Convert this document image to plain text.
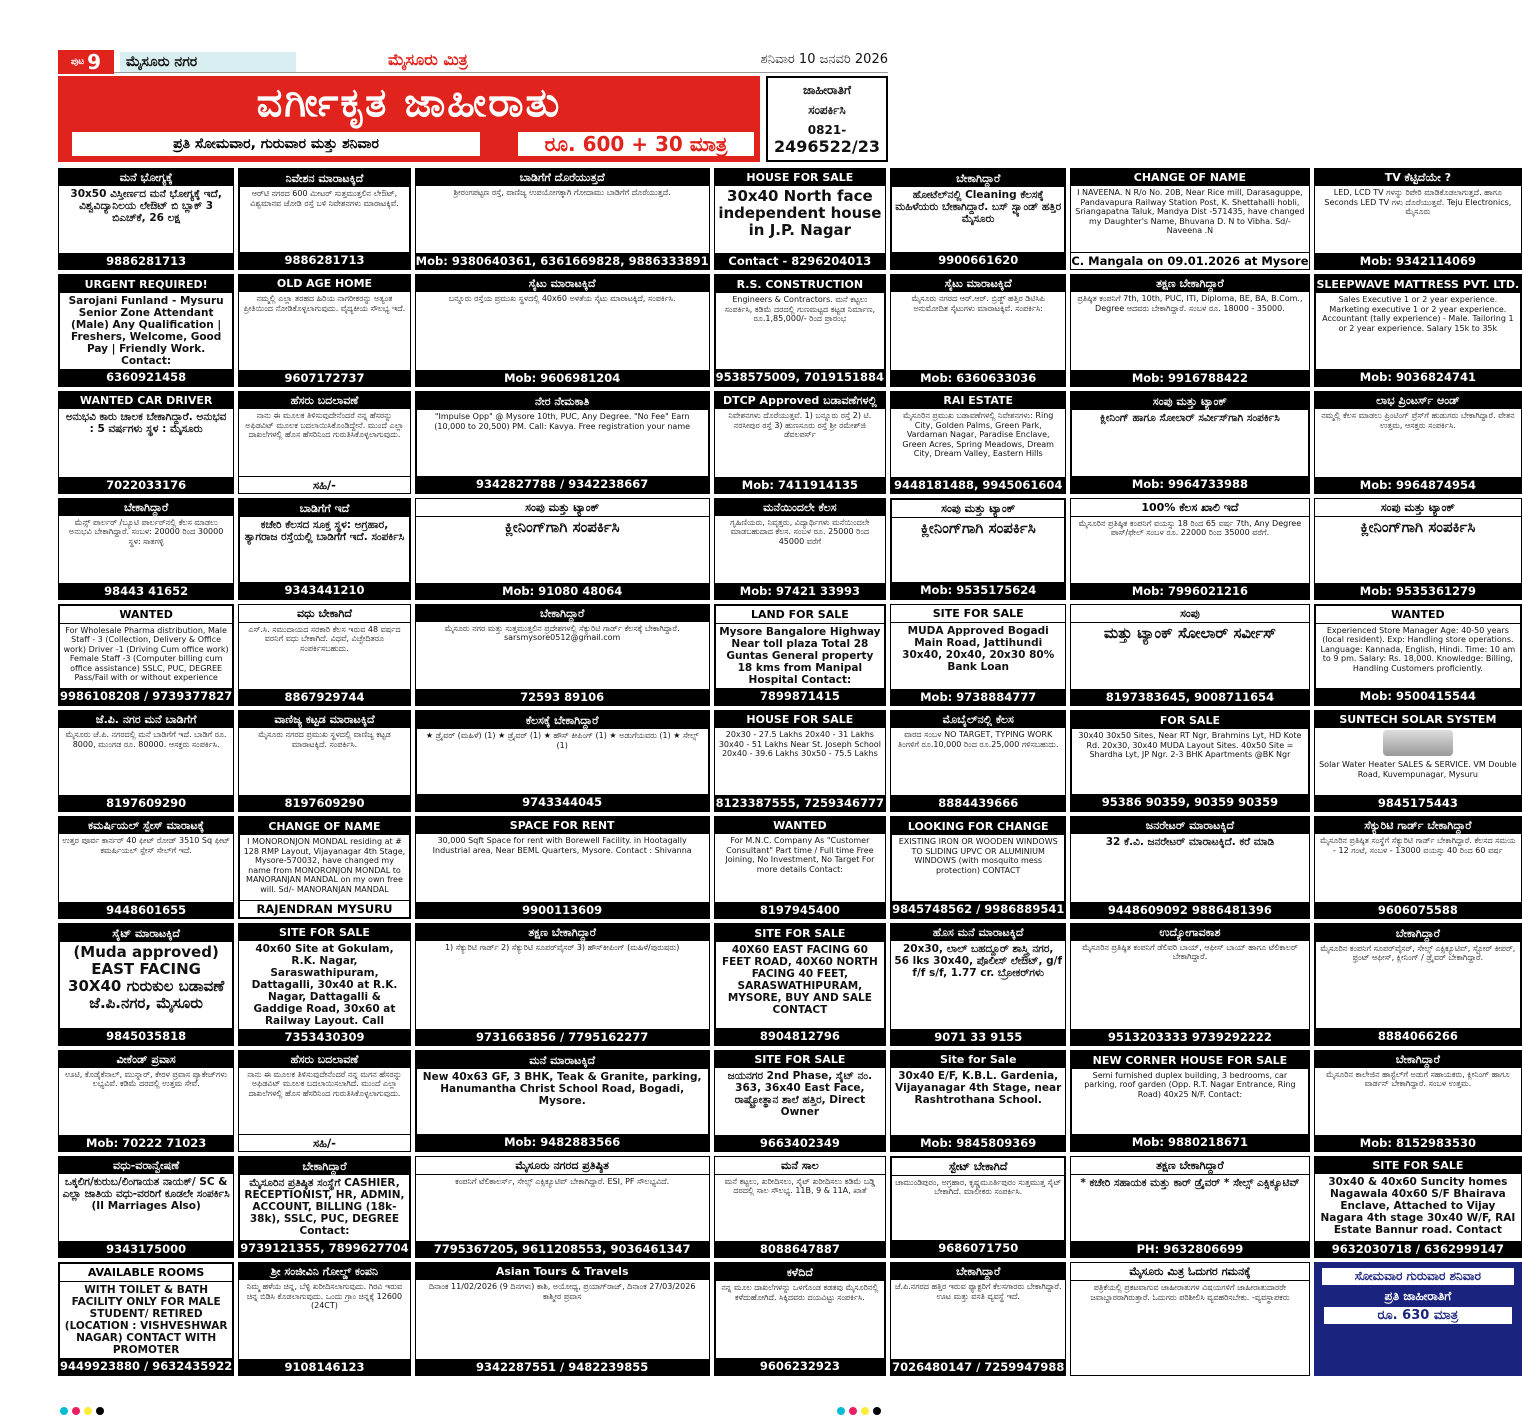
ಪುಟ 9	ಮೈಸೂರು ನಗರ	ಮೈಸೂರು ಮಿತ್ರ	ಶನಿವಾರ 10 ಜನವರಿ 2026
ವರ್ಗೀಕೃತ ಜಾಹೀರಾತು
ಪ್ರತಿ ಸೋಮವಾರ, ಗುರುವಾರ ಮತ್ತು ಶನಿವಾರ	ರೂ. 600 + 30 ಮಾತ್ರ
ಜಾಹೀರಾತಿಗೆ
ಸಂಪರ್ಕಿಸಿ
0821-
2496522/23
ಮನೆ ಭೋಗ್ಯಕ್ಕೆ
30x50 ವಿಸ್ತೀರ್ಣದ ಮನೆ ಭೋಗ್ಯಕ್ಕೆ ಇದೆ, ವಿಶ್ವವಿದ್ಯಾನಿಲಯ ಲೇಔಟ್ ಬಿ ಬ್ಲಾಕ್ 3 ಬಿಎಚ್‌ಕೆ, 26 ಲಕ್ಷ
9886281713
ನಿವೇಶನ ಮಾರಾಟಕ್ಕಿದೆ
ಆರ್‌ಟಿ ನಗರದ 600 ಮೀಟರ್ ಸುತ್ತಮುತ್ತಲಿನ ಲೇಔಟ್, ವಿಶ್ವಮಾನವ ಜೋಡಿ ರಸ್ತೆ ಬಳಿ ನಿವೇಶನಗಳು ಮಾರಾಟಕ್ಕಿವೆ.
9886281713
ಬಾಡಿಗೆಗೆ ದೊರೆಯುತ್ತದೆ
ಶ್ರೀರಂಗಪಟ್ಟಣ ರಸ್ತೆ, ವಾಣಿಜ್ಯ ಉಪಯೋಗಕ್ಕಾಗಿ ಗೋದಾಮು ಬಾಡಿಗೆಗೆ ದೊರೆಯುತ್ತದೆ.
Mob: 9380640361, 6361669828, 9886333891
HOUSE FOR SALE
30x40 North face independent house in J.P. Nagar
Contact - 8296204013
ಬೇಕಾಗಿದ್ದಾರೆ
ಹೋಟೆಲ್‌ನಲ್ಲಿ Cleaning ಕೆಲಸಕ್ಕೆ ಮಹಿಳೆಯರು ಬೇಕಾಗಿದ್ದಾರೆ. ಬಸ್ ಸ್ಟ್ಯಾಂಡ್ ಹತ್ತಿರ ಮೈಸೂರು
9900661620
CHANGE OF NAME
I NAVEENA. N R/o No. 20B, Near Rice mill, Darasaguppe, Pandavapura Railway Station Post, K. Shettahalli hobli, Sriangapatna Taluk, Mandya Dist -571435, have changed my Daughter's Name, Bhuvana D. N to Vibha. Sd/- Naveena .N
C. Mangala on 09.01.2026 at Mysore
TV ಕೆಟ್ಟಿದೆಯೇ ?
LED, LCD TV ಗಳನ್ನು ರಿಪೇರಿ ಮಾಡಿಕೊಡಲಾಗುತ್ತದೆ. ಹಾಗೂ Seconds LED TV ಗಳು ದೊರೆಯುತ್ತವೆ. Teju Electronics, ಮೈಸೂರು
Mob: 9342114069
URGENT REQUIRED!
Sarojani Funland - Mysuru Senior Zone Attendant (Male) Any Qualification | Freshers, Welcome, Good Pay | Friendly Work. Contact:
6360921458
OLD AGE HOME
ನಮ್ಮಲ್ಲಿ ಎಲ್ಲಾ ತರಹದ ಹಿರಿಯ ನಾಗರೀಕರನ್ನು ಅತ್ಯಂತ ಪ್ರೀತಿಯಿಂದ ನೋಡಿಕೊಳ್ಳಲಾಗುವುದು. ವೈದ್ಯಕೀಯ ಸೌಲಭ್ಯ ಇದೆ.
9607172737
ಸೈಟು ಮಾರಾಟಕ್ಕಿದೆ
ಬನ್ನೂರು ರಸ್ತೆಯ ಪ್ರಮುಖ ಸ್ಥಳದಲ್ಲಿ 40x60 ಅಳತೆಯ ಸೈಟು ಮಾರಾಟಕ್ಕಿದೆ, ಸಂಪರ್ಕಿಸಿ.
Mob: 9606981204
R.S. CONSTRUCTION
Engineers & Contractors. ಮನೆ ಕಟ್ಟಲು ಸಂಪರ್ಕಿಸಿ, ಕಡಿಮೆ ದರದಲ್ಲಿ ಗುಣಮಟ್ಟದ ಕಟ್ಟಡ ನಿರ್ಮಾಣ, ರೂ.1,85,000/- ರಿಂದ ಪ್ರಾರಂಭ
9538575009, 7019151884
ಸೈಟು ಮಾರಾಟಕ್ಕಿದೆ
ಮೈಸೂರು ನಗರದ ಆರ್.ಆರ್. ಬ್ರಿಡ್ಜ್ ಹತ್ತಿರ ಡಿಟಿಸಿಪಿ ಅನುಮೋದಿತ ಸೈಟುಗಳು ಮಾರಾಟಕ್ಕಿವೆ. ಸಂಪರ್ಕಿಸಿ:
Mob: 6360633036
ತಕ್ಷಣ ಬೇಕಾಗಿದ್ದಾರೆ
ಪ್ರತಿಷ್ಠಿತ ಕಂಪನಿಗೆ 7th, 10th, PUC, ITI, Diploma, BE, BA, B.Com., Degree ಆದವರು ಬೇಕಾಗಿದ್ದಾರೆ. ಸಂಬಳ ರೂ. 18000 - 35000.
Mob: 9916788422
SLEEPWAVE MATTRESS PVT. LTD.
Sales Executive 1 or 2 year experience. Marketing executive 1 or 2 year experience. Accountant (tally experience) - Male. Tailoring 1 or 2 year experience. Salary 15k to 35k
Mob: 9036824741
WANTED CAR DRIVER
ಅನುಭವಿ ಕಾರು ಚಾಲಕ ಬೇಕಾಗಿದ್ದಾರೆ. ಅನುಭವ : 5 ವರ್ಷಗಳು ಸ್ಥಳ : ಮೈಸೂರು
7022033176
ಹೆಸರು ಬದಲಾವಣೆ
ನಾನು ಈ ಮೂಲಕ ತಿಳಿಸುವುದೇನೆಂದರೆ ನನ್ನ ಹೆಸರನ್ನು ಅಫಿಡವಿಟ್ ಮೂಲಕ ಬದಲಾಯಿಸಿಕೊಂಡಿದ್ದೇನೆ. ಮುಂದೆ ಎಲ್ಲಾ ದಾಖಲೆಗಳಲ್ಲಿ ಹೊಸ ಹೆಸರಿನಿಂದ ಗುರುತಿಸಿಕೊಳ್ಳಲಾಗುವುದು.
ಸಹಿ/-
ನೇರ ನೇಮಕಾತಿ
"Impulse Opp" @ Mysore 10th, PUC, Any Degree. "No Fee" Earn (10,000 to 20,500) PM. Call: Kavya. Free registration your name
9342827788 / 9342238667
DTCP Approved ಬಡಾವಣೆಗಳಲ್ಲಿ
ನಿವೇಶನಗಳು ದೊರೆಯುತ್ತವೆ. 1) ಬನ್ನೂರು ರಸ್ತೆ 2) ಟಿ. ನರಸೀಪುರ ರಸ್ತೆ 3) ಹುಣಸೂರು ರಸ್ತೆ ಶ್ರೀ ರಮೇಶ್‌ಜಿ ಡೆವಲಪರ್ಸ್
Mob: 7411914135
RAI ESTATE
ಮೈಸೂರಿನ ಪ್ರಮುಖ ಬಡಾವಣೆಗಳಲ್ಲಿ ನಿವೇಶನಗಳು: Ring City, Golden Palms, Green Park, Vardaman Nagar, Paradise Enclave, Green Acres, Spring Meadows, Dream City, Dream Valley, Eastern Hills
9448181488, 9945061604
ಸಂಪು ಮತ್ತು ಟ್ಯಾಂಕ್
ಕ್ಲೀನಿಂಗ್ ಹಾಗೂ ಸೋಲಾರ್ ಸರ್ವೀಸ್‌ಗಾಗಿ ಸಂಪರ್ಕಿಸಿ
Mob: 9964733988
ಲಾಭ ಪ್ರಿಂಟರ್ಸ್ ಆಂಡ್
ನಮ್ಮಲ್ಲಿ ಕೆಲಸ ಮಾಡಲು ಪ್ರಿಂಟಿಂಗ್ ಪ್ರೆಸ್‌ಗೆ ಹುಡುಗರು ಬೇಕಾಗಿದ್ದಾರೆ. ವೇತನ ಉತ್ತಮ, ಆಸಕ್ತರು ಸಂಪರ್ಕಿಸಿ.
Mob: 9964874954
ಬೇಕಾಗಿದ್ದಾರೆ
ಮೆನ್ಸ್ ಪಾರ್ಲರ್ /ಬ್ಯೂಟಿ ಪಾರ್ಲರ್‌ನಲ್ಲಿ ಕೆಲಸ ಮಾಡಲು ಅನುಭವಿ ಬೇಕಾಗಿದ್ದಾರೆ. ಸಂಬಳ: 20000 ರಿಂದ 30000 ಸ್ಥಳ: ಸಾತಗಳ್ಳಿ
98443 41652
ಬಾಡಿಗೆಗೆ ಇದೆ
ಕಚೇರಿ ಕೆಲಸದ ಸೂಕ್ತ ಸ್ಥಳ: ಅಗ್ರಹಾರ, ತ್ಯಾಗರಾಜ ರಸ್ತೆಯಲ್ಲಿ ಬಾಡಿಗೆಗೆ ಇದೆ. ಸಂಪರ್ಕಿಸಿ
9343441210
ಸಂಪು ಮತ್ತು ಟ್ಯಾಂಕ್
ಕ್ಲೀನಿಂಗ್‌ಗಾಗಿ ಸಂಪರ್ಕಿಸಿ
Mob: 91080 48064
ಮನೆಯಿಂದಲೇ ಕೆಲಸ
ಗೃಹಿಣಿಯರು, ನಿವೃತ್ತರು, ವಿದ್ಯಾರ್ಥಿಗಳು ಮನೆಯಿಂದಲೇ ಮಾಡಬಹುದಾದ ಕೆಲಸ. ಸಂಬಳ ರೂ. 25000 ರಿಂದ 45000 ವರೆಗೆ
Mob: 97421 33993
ಸಂಪು ಮತ್ತು ಟ್ಯಾಂಕ್
ಕ್ಲೀನಿಂಗ್‌ಗಾಗಿ ಸಂಪರ್ಕಿಸಿ
Mob: 9535175624
100% ಕೆಲಸ ಖಾಲಿ ಇದೆ
ಮೈಸೂರಿನ ಪ್ರತಿಷ್ಠಿತ ಕಂಪನಿಗೆ ವಯಸ್ಸು 18 ರಿಂದ 65 ವರ್ಷ 7th, Any Degree ಪಾಸ್/ಫೇಲ್ ಸಂಬಳ ರೂ. 22000 ರಿಂದ 35000 ವರೆಗೆ.
Mob: 7996021216
ಸಂಪು ಮತ್ತು ಟ್ಯಾಂಕ್
ಕ್ಲೀನಿಂಗ್‌ಗಾಗಿ ಸಂಪರ್ಕಿಸಿ
Mob: 9535361279
WANTED
For Wholesale Pharma distribution, Male Staff - 3 (Collection, Delivery & Office work) Driver -1 (Driving Cum office work) Female Staff -3 (Computer billing cum office assistance) SSLC, PUC, DEGREE Pass/Fail with or without experience
9986108208 / 9739377827
ವಧು ಬೇಕಾಗಿದೆ
ಎಸ್.ಸಿ. ಸಮುದಾಯದ ಸರಕಾರಿ ಕೆಲಸ ಇರುವ 48 ವರ್ಷದ ವರನಿಗೆ ವಧು ಬೇಕಾಗಿದೆ. ವಿಧವೆ, ವಿಚ್ಛೇದಿತರೂ ಸಂಪರ್ಕಿಸಬಹುದು.
8867929744
ಬೇಕಾಗಿದ್ದಾರೆ
ಮೈಸೂರು ನಗರ ಮತ್ತು ಸುತ್ತಮುತ್ತಲಿನ ಪ್ರದೇಶಗಳಲ್ಲಿ ಸೆಕ್ಯುರಿಟಿ ಗಾರ್ಡ್ ಕೆಲಸಕ್ಕೆ ಬೇಕಾಗಿದ್ದಾರೆ. sarsmysore0512@gmail.com
72593 89106
LAND FOR SALE
Mysore Bangalore Highway Near toll plaza Total 28 Guntas General property 18 kms from Manipal Hospital Contact:
7899871415
SITE FOR SALE
MUDA Approved Bogadi Main Road, Jattihundi 30x40, 20x40, 20x30 80% Bank Loan
Mob: 9738884777
ಸಂಪು
ಮತ್ತು ಟ್ಯಾಂಕ್ ಸೋಲಾರ್ ಸರ್ವೀಸ್
8197383645, 9008711654
WANTED
Experienced Store Manager Age: 40-50 years (local resident). Exp: Handling store operations. Language: Kannada, English, Hindi. Time: 10 am to 9 pm. Salary: Rs. 18,000. Knowledge: Billing, Handling Customers proficiently.
Mob: 9500415544
ಜೆ.ಪಿ. ನಗರ ಮನೆ ಬಾಡಿಗೆಗೆ
ಮೈಸೂರು ಜೆ.ಪಿ. ನಗರದಲ್ಲಿ ಮನೆ ಬಾಡಿಗೆಗೆ ಇದೆ. ಬಾಡಿಗೆ ರೂ. 8000, ಮುಂಗಡ ರೂ. 80000. ಆಸಕ್ತರು ಸಂಪರ್ಕಿಸಿ.
8197609290
ವಾಣಿಜ್ಯ ಕಟ್ಟಡ ಮಾರಾಟಕ್ಕಿದೆ
ಮೈಸೂರು ನಗರದ ಪ್ರಮುಖ ಸ್ಥಳದಲ್ಲಿ ವಾಣಿಜ್ಯ ಕಟ್ಟಡ ಮಾರಾಟಕ್ಕಿದೆ. ಸಂಪರ್ಕಿಸಿ.
8197609290
ಕೆಲಸಕ್ಕೆ ಬೇಕಾಗಿದ್ದಾರೆ
★ ಡ್ರೈವರ್ (ಮಹಿಳೆ) (1) ★ ಡ್ರೈವರ್ (1) ★ ಹೌಸ್ ಕೀಪಿಂಗ್ (1) ★ ಅಡುಗೆಯವರು (1) ★ ಸೇಲ್ಸ್ (1)
9743344045
HOUSE FOR SALE
20x30 - 27.5 Lakhs 20x40 - 31 Lakhs 30x40 - 51 Lakhs Near St. Joseph School 20x40 - 39.6 Lakhs 30x50 - 75.5 Lakhs
8123387555, 7259346777
ಮೊಬೈಲ್‌ನಲ್ಲಿ ಕೆಲಸ
ವಾರದ ಸಂಬಳ NO TARGET, TYPING WORK ತಿಂಗಳಿಗೆ ರೂ.10,000 ರಿಂದ ರೂ.25,000 ಗಳಿಸಬಹುದು.
8884439666
FOR SALE
30x40 30x50 Sites, Near RT Ngr, Brahmins Lyt, HD Kote Rd. 20x30, 30x40 MUDA Layout Sites. 40x50 Site = Shardha Lyt, JP Ngr. 2-3 BHK Apartments @BK Ngr
95386 90359, 90359 90359
SUNTECH SOLAR SYSTEM
Solar Water Heater SALES & SERVICE. VM Double Road, Kuvempunagar, Mysuru
9845175443
ಕಮರ್ಷಿಯಲ್ ಸ್ಪೇಸ್ ಮಾರಾಟಕ್ಕೆ
ಉತ್ತರ ಪೂರ್ವ ಕಾರ್ನರ್ 40 ಫೀಟ್ ರೋಡ್ 3510 Sq ಫೀಟ್ ಕಮರ್ಷಿಯಲ್ ಸ್ಪೇಸ್ ಸೇಲ್‌ಗೆ ಇದೆ.
9448601655
CHANGE OF NAME
I MONORONJON MONDAL residing at # 128 RMP Layout, Vijayanagar 4th Stage, Mysore-570032, have changed my name from MONORONJON MONDAL to MANORANJAN MANDAL on my own free will. Sd/- MANORANJAN MANDAL
RAJENDRAN MYSURU
SPACE FOR RENT
30,000 Sqft Space for rent with Borewell Facility. in Hootagally Industrial area, Near BEML Quarters, Mysore. Contact : Shivanna
9900113609
WANTED
For M.N.C. Company As "Customer Consultant" Part time / Full time Free Joining, No Investment, No Target For more details Contact:
8197945400
LOOKING FOR CHANGE
EXISTING IRON OR WOODEN WINDOWS TO SLIDING UPVC OR ALUMINIUM WINDOWS (with mosquito mess protection) CONTACT
9845748562 / 9986889541
ಜನರೇಟರ್ ಮಾರಾಟಕ್ಕಿದೆ
32 ಕೆ.ವಿ. ಜನರೇಟರ್ ಮಾರಾಟಕ್ಕಿದೆ. ಕರೆ ಮಾಡಿ
9448609092 9886481396
ಸೆಕ್ಯುರಿಟಿ ಗಾರ್ಡ್ ಬೇಕಾಗಿದ್ದಾರೆ
ಮೈಸೂರಿನ ಪ್ರತಿಷ್ಠಿತ ಸಂಸ್ಥೆಗೆ ಸೆಕ್ಯುರಿಟಿ ಗಾರ್ಡ್ ಬೇಕಾಗಿದ್ದಾರೆ. ಕೆಲಸದ ಸಮಯ - 12 ಗಂಟೆ, ಸಂಬಳ - 13000 ವಯಸ್ಸು 40 ರಿಂದ 60 ವರ್ಷ
9606075588
ಸೈಟ್ ಮಾರಾಟಕ್ಕಿದೆ
(Muda approved) EAST FACING 30X40 ಗುರುಕುಲ ಬಡಾವಣೆ ಜೆ.ಪಿ.ನಗರ, ಮೈಸೂರು
9845035818
SITE FOR SALE
40x60 Site at Gokulam, R.K. Nagar, Saraswathipuram, Dattagalli, 30x40 at R.K. Nagar, Dattagalli & Gaddige Road, 30x60 at Railway Layout. Call
7353430309
ತಕ್ಷಣ ಬೇಕಾಗಿದ್ದಾರೆ
1) ಸೆಕ್ಯುರಿಟಿ ಗಾರ್ಡ್ 2) ಸೆಕ್ಯುರಿಟಿ ಸೂಪರ್‌ವೈಸರ್ 3) ಹೌಸ್‌ಕೀಪಿಂಗ್ (ಮಹಿಳೆ/ಪುರುಷರು)
9731663856 / 7795162277
SITE FOR SALE
40X60 EAST FACING 60 FEET ROAD, 40X60 NORTH FACING 40 FEET, SARASWATHIPURAM, MYSORE, BUY AND SALE CONTACT
8904812796
ಹೊಸ ಮನೆ ಮಾರಾಟಕ್ಕಿದೆ
20x30, ಲಾಲ್ ಬಹದ್ದೂರ್ ಶಾಸ್ತ್ರಿ ನಗರ, 56 lks 30x40, ಪೊಲೀಸ್ ಲೇಔಟ್, g/f f/f s/f, 1.77 cr. ಬ್ರೋಕರ್‌ಗಳು
9071 33 9155
ಉದ್ಯೋಗಾವಕಾಶ
ಮೈಸೂರಿನ ಪ್ರತಿಷ್ಠಿತ ಕಂಪನಿಗೆ ಡೆಲಿವರಿ ಬಾಯ್, ಆಫೀಸ್ ಬಾಯ್ ಹಾಗೂ ಟೆಲಿಕಾಲರ್ ಬೇಕಾಗಿದ್ದಾರೆ.
9513203333 9739292222
ಬೇಕಾಗಿದ್ದಾರೆ
ಮೈಸೂರಿನ ಕಂಪನಿಗೆ ಸೂಪರ್‌ವೈಸರ್, ಸೇಲ್ಸ್ ಎಕ್ಸಿಕ್ಯೂಟಿವ್, ಸ್ಟೋರ್ ಕೀಪರ್, ಫ್ರಂಟ್ ಆಫೀಸ್, ಕ್ಲೀನಿಂಗ್ / ಡ್ರೈವರ್ ಬೇಕಾಗಿದ್ದಾರೆ.
8884066266
ವೀಕೆಂಡ್ ಪ್ರವಾಸ
ಊಟಿ, ಕೊಡೈಕೆನಾಲ್, ಮುನ್ನಾರ್, ಕೇರಳ ಪ್ರವಾಸ ಪ್ಯಾಕೇಜ್‌ಗಳು ಲಭ್ಯವಿವೆ. ಕಡಿಮೆ ದರದಲ್ಲಿ ಉತ್ತಮ ಸೇವೆ.
Mob: 70222 71023
ಹೆಸರು ಬದಲಾವಣೆ
ನಾನು ಈ ಮೂಲಕ ತಿಳಿಸುವುದೇನೆಂದರೆ ನನ್ನ ಮಗನ ಹೆಸರನ್ನು ಅಫಿಡವಿಟ್ ಮೂಲಕ ಬದಲಾಯಿಸಲಾಗಿದೆ. ಮುಂದೆ ಎಲ್ಲಾ ದಾಖಲೆಗಳಲ್ಲಿ ಹೊಸ ಹೆಸರಿನಿಂದ ಗುರುತಿಸಿಕೊಳ್ಳಲಾಗುವುದು.
ಸಹಿ/-
ಮನೆ ಮಾರಾಟಕ್ಕಿದೆ
New 40x63 GF, 3 BHK, Teak & Granite, parking, Hanumantha Christ School Road, Bogadi, Mysore.
Mob: 9482883566
SITE FOR SALE
ಜಯನಗರ 2nd Phase, ಸೈಟ್ ನಂ. 363, 36x40 East Face, ರಾಷ್ಟ್ರೋತ್ಥಾನ ಶಾಲೆ ಹತ್ತಿರ, Direct Owner
9663402349
Site for Sale
30x40 E/F, K.B.L. Gardenia, Vijayanagar 4th Stage, near Rashtrothana School.
Mob: 9845809369
NEW CORNER HOUSE FOR SALE
Semi furnished duplex building, 3 bedrooms, car parking, roof garden (Opp. R.T. Nagar Entrance, Ring Road) 40x25 N/F. Contact:
Mob: 9880218671
ಬೇಕಾಗಿದ್ದಾರೆ
ಮೈಸೂರಿನ ಕಾಲೇಜಿನ ಹಾಸ್ಟೆಲ್‌ಗೆ ಅಡುಗೆ ಸಹಾಯಕರು, ಕ್ಲೀನಿಂಗ್ ಹಾಗೂ ವಾರ್ಡನ್ ಬೇಕಾಗಿದ್ದಾರೆ. ಸಂಬಳ ಉತ್ತಮ.
Mob: 8152983530
ವಧು-ವರಾನ್ವೇಷಣೆ
ಒಕ್ಕಲಿಗ/ಕುರುಬ/ಲಿಂಗಾಯತ ನಾಯಕ್/ SC & ಎಲ್ಲಾ ಜಾತಿಯ ವಧು-ವರರಿಗೆ ಕೂಡಲೇ ಸಂಪರ್ಕಿಸಿ (II Marriages Also)
9343175000
ಬೇಕಾಗಿದ್ದಾರೆ
ಮೈಸೂರಿನ ಪ್ರತಿಷ್ಠಿತ ಸಂಸ್ಥೆಗೆ CASHIER, RECEPTIONIST, HR, ADMIN, ACCOUNT, BILLING (18k-38k), SSLC, PUC, DEGREE Contact:
9739121355, 7899627704
ಮೈಸೂರು ನಗರದ ಪ್ರತಿಷ್ಠಿತ
ಕಂಪನಿಗೆ ಟೆಲಿಕಾಲರ್ಸ್, ಸೇಲ್ಸ್ ಎಕ್ಸಿಕ್ಯೂಟಿವ್ ಬೇಕಾಗಿದ್ದಾರೆ. ESI, PF ಸೌಲಭ್ಯವಿದೆ.
7795367205, 9611208553, 9036461347
ಮನೆ ಸಾಲ
ಮನೆ ಕಟ್ಟಲು, ಖರೀದಿಸಲು, ಸೈಟ್ ಖರೀದಿಸಲು ಕಡಿಮೆ ಬಡ್ಡಿ ದರದಲ್ಲಿ ಸಾಲ ಸೌಲಭ್ಯ. 11B, 9 & 11A, ಖಾತೆ
8088647887
ಸ್ಟೇಟ್ ಬೇಕಾಗಿದೆ
ಚಾಮುಂಡಿಪುರಂ, ಅಗ್ರಹಾರ, ಕೃಷ್ಣಮೂರ್ತಿಪುರಂ ಸುತ್ತಮುತ್ತ ಸೈಟ್ ಬೇಕಾಗಿದೆ. ಮಾಲೀಕರು ಸಂಪರ್ಕಿಸಿ.
9686071750
ತಕ್ಷಣ ಬೇಕಾಗಿದ್ದಾರೆ
* ಕಚೇರಿ ಸಹಾಯಕ ಮತ್ತು ಕಾರ್ ಡ್ರೈವರ್ * ಸೇಲ್ಸ್ ಎಕ್ಸಿಕ್ಯೂಟಿವ್
PH: 9632806699
SITE FOR SALE
30x40 & 40x60 Suncity homes Nagawala 40x60 S/F Bhairava Enclave, Attached to Vijay Nagara 4th stage 30x40 W/F, RAI Estate Bannur road. Contact
9632030718 / 6362999147
AVAILABLE ROOMS
WITH TOILET & BATH FACILITY ONLY FOR MALE STUDENT/ RETIRED (LOCATION : VISHVESHWAR NAGAR) CONTACT WITH PROMOTER
9449923880 / 9632435922
ಶ್ರೀ ಸಂಜೀವಿನಿ ಗೋಲ್ಡ್ ಕಂಪನಿ
ನಿಮ್ಮ ಹಳೆಯ ಚಿನ್ನ, ಬೆಳ್ಳಿ ಖರೀದಿಸಲಾಗುವುದು. ಗಿರವಿ ಇರುವ ಚಿನ್ನ ಬಿಡಿಸಿ ಕೊಡಲಾಗುವುದು. ಒಂದು ಗ್ರಾಂ ಚಿನ್ನಕ್ಕೆ 12600 (24CT)
9108146123
Asian Tours & Travels
ದಿನಾಂಕ 11/02/2026 (9 ದಿನಗಳು) ಕಾಶಿ, ಅಯೋಧ್ಯ, ಪ್ರಯಾಗ್‌ರಾಜ್, ದಿನಾಂಕ 27/03/2026 ಕಾಶ್ಮೀರ ಪ್ರವಾಸ
9342287551 / 9482239855
ಕಳೆದಿದೆ
ನನ್ನ ಮೂಲ ದಾಖಲೆಗಳನ್ನು ಒಳಗೊಂಡ ಕಡತವು ಮೈಸೂರಿನಲ್ಲಿ ಕಳೆದುಹೋಗಿದೆ. ಸಿಕ್ಕಿದವರು ದಯವಿಟ್ಟು ಸಂಪರ್ಕಿಸಿ.
9606232923
ಬೇಕಾಗಿದ್ದಾರೆ
ಜೆ.ಪಿ.ನಗರದ ಹತ್ತಿರ ಇರುವ ಫ್ಯಾಕ್ಟರಿಗೆ ಕೆಲಸಗಾರರು ಬೇಕಾಗಿದ್ದಾರೆ. ಊಟ ಮತ್ತು ವಸತಿ ವ್ಯವಸ್ಥೆ ಇದೆ.
7026480147 / 7259947988
ಮೈಸೂರು ಮಿತ್ರ ಓದುಗರ ಗಮನಕ್ಕೆ
ಪತ್ರಿಕೆಯಲ್ಲಿ ಪ್ರಕಟವಾಗುವ ಜಾಹೀರಾತುಗಳ ವಿಷಯಗಳಿಗೆ ಜಾಹೀರಾತುದಾರರೇ ಜವಾಬ್ದಾರರಾಗಿರುತ್ತಾರೆ. ಓದುಗರು ಪರಿಶೀಲಿಸಿ ವ್ಯವಹರಿಸಬೇಕು. -ವ್ಯವಸ್ಥಾಪಕರು
ಸೋಮವಾರ ಗುರುವಾರ ಶನಿವಾರ
ಪ್ರತಿ ಜಾಹೀರಾತಿಗೆ
ರೂ. 630 ಮಾತ್ರ
